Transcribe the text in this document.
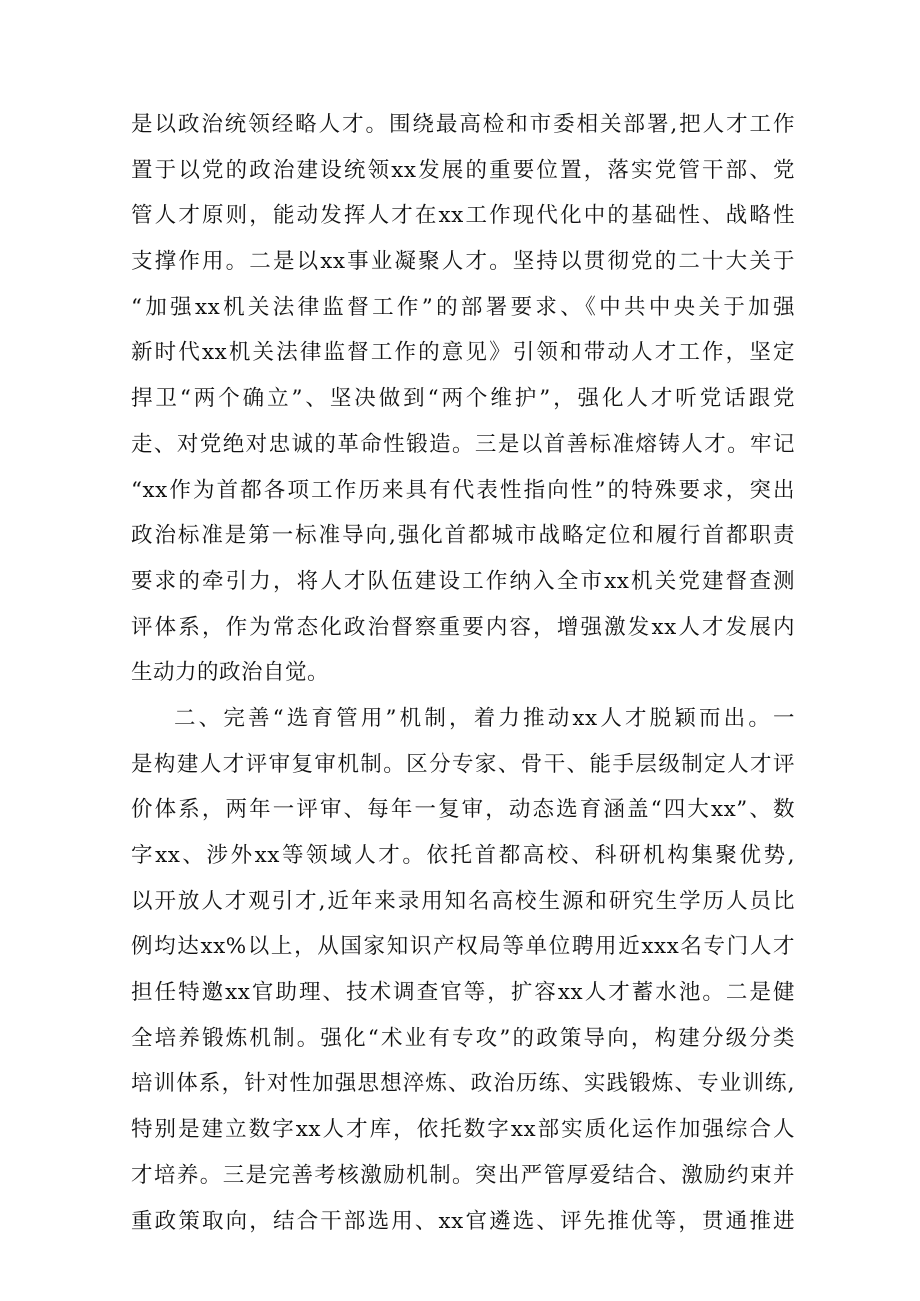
是以政治统领经略人才。围绕最高检和市委相关部署,把人才工作
置于以党的政治建设统领xx发展的重要位置，落实党管干部、党
管人才原则，能动发挥人才在xx工作现代化中的基础性、战略性
支撑作用。二是以xx事业凝聚人才。坚持以贯彻党的二十大关于
“加强xx机关法律监督工作”的部署要求、《中共中央关于加强
新时代xx机关法律监督工作的意见》引领和带动人才工作，坚定
捍卫“两个确立”、坚决做到“两个维护”，强化人才听党话跟党
走、对党绝对忠诚的革命性锻造。三是以首善标准熔铸人才。牢记
“xx作为首都各项工作历来具有代表性指向性”的特殊要求，突出
政治标准是第一标准导向,强化首都城市战略定位和履行首都职责
要求的牵引力，将人才队伍建设工作纳入全市xx机关党建督查测
评体系，作为常态化政治督察重要内容，增强激发xx人才发展内
生动力的政治自觉。
二、完善“选育管用”机制，着力推动xx人才脱颖而出。一
是构建人才评审复审机制。区分专家、骨干、能手层级制定人才评
价体系，两年一评审、每年一复审，动态选育涵盖“四大xx”、数
字xx、涉外xx等领域人才。依托首都高校、科研机构集聚优势,
以开放人才观引才,近年来录用知名高校生源和研究生学历人员比
例均达xx%以上，从国家知识产权局等单位聘用近xxx名专门人才
担任特邀xx官助理、技术调查官等，扩容xx人才蓄水池。二是健
全培养锻炼机制。强化“术业有专攻”的政策导向，构建分级分类
培训体系，针对性加强思想淬炼、政治历练、实践锻炼、专业训练,
特别是建立数字xx人才库，依托数字xx部实质化运作加强综合人
才培养。三是完善考核激励机制。突出严管厚爱结合、激励约束并
重政策取向，结合干部选用、xx官遴选、评先推优等，贯通推进
